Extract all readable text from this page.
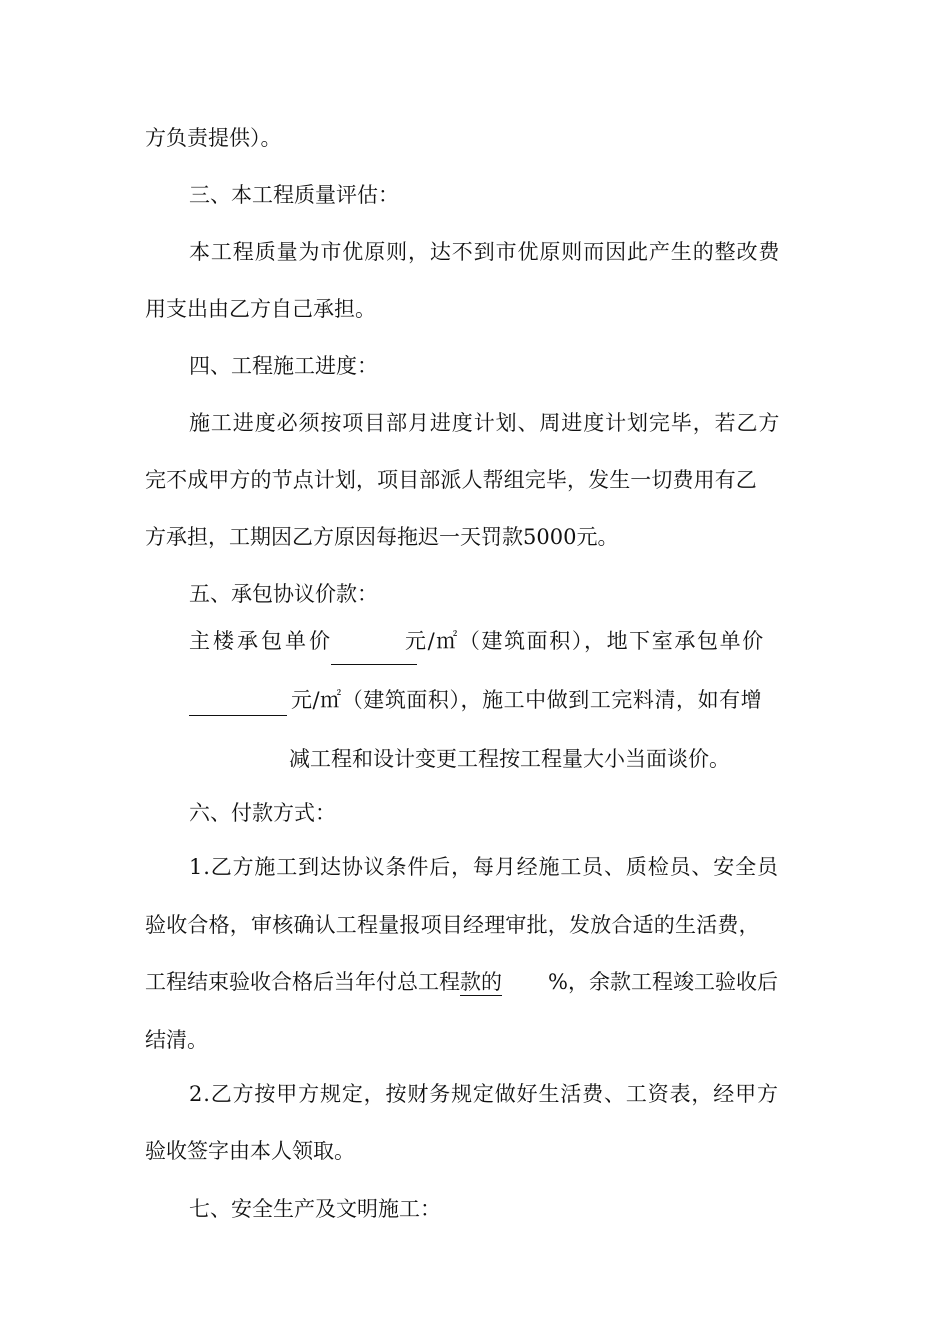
方负责提供）。
三、本工程质量评估：
本工程质量为市优原则，达不到市优原则而因此产生的整改费
用支出由乙方自己承担。
四、工程施工进度：
施工进度必须按项目部月进度计划、周进度计划完毕，若乙方
完不成甲方的节点计划，项目部派人帮组完毕，发生一切费用有乙
方承担，工期因乙方原因每拖迟一天罚款5000元。
五、承包协议价款：
主楼承包单价	元/㎡（建筑面积），地下室承包单价
元/㎡（建筑面积），施工中做到工完料清，如有增
减工程和设计变更工程按工程量大小当面谈价。
六、付款方式：
1.乙方施工到达协议条件后，每月经施工员、质检员、安全员
验收合格，审核确认工程量报项目经理审批，发放合适的生活费，
工程结束验收合格后当年付总工程款的 %，余款工程竣工验收后
结清。
2.乙方按甲方规定，按财务规定做好生活费、工资表，经甲方
验收签字由本人领取。
七、安全生产及文明施工：
